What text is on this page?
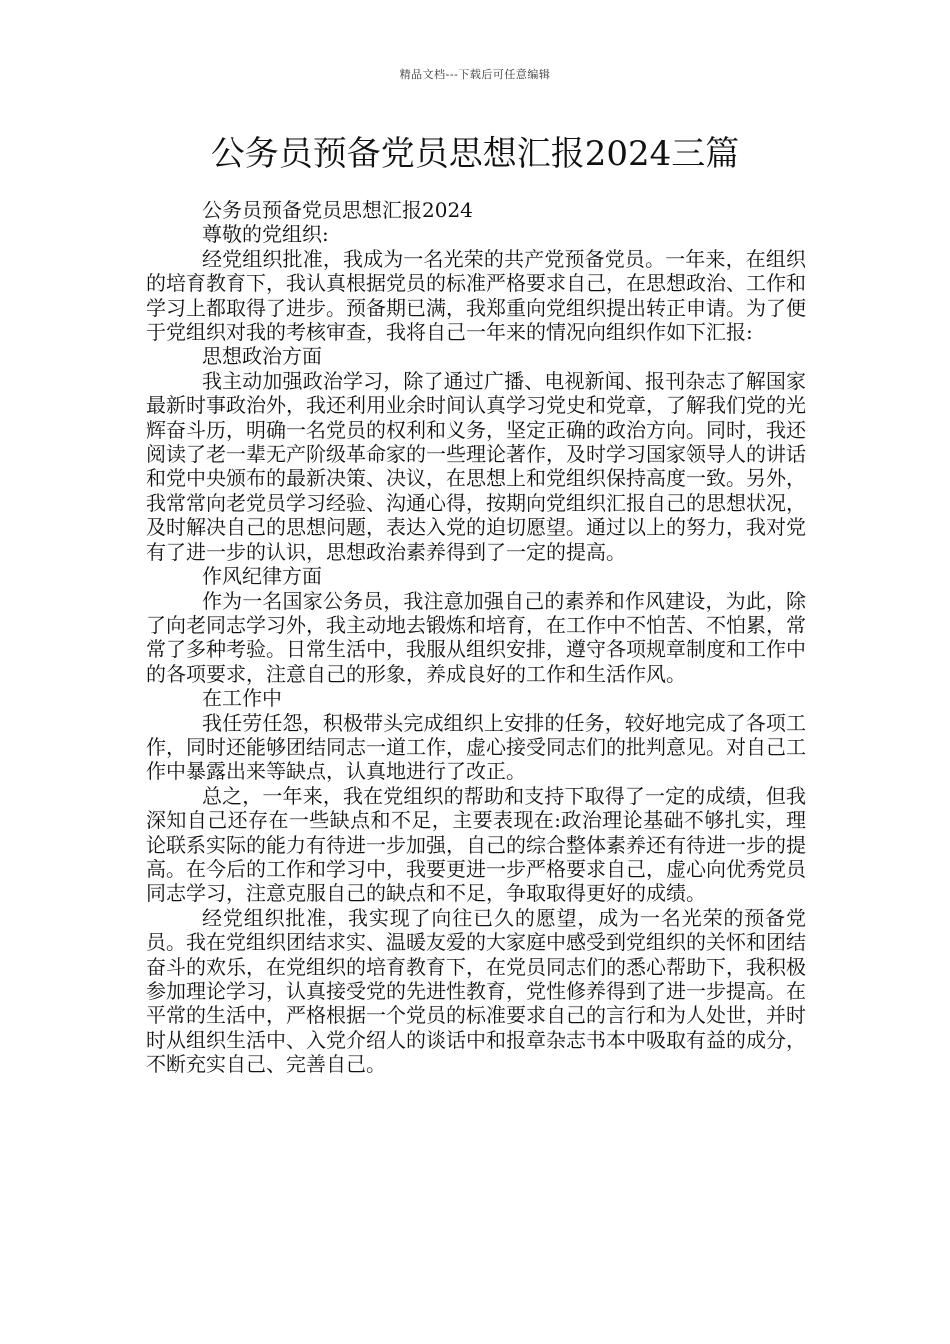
精品文档---下载后可任意编辑
公务员预备党员思想汇报2024三篇

公务员预备党员思想汇报2024

尊敬的党组织:

经党组织批准，我成为一名光荣的共产党预备党员。一年来，在组织的培育教育下，我认真根据党员的标准严格要求自己，在思想政治、工作和学习上都取得了进步。预备期已满，我郑重向党组织提出转正申请。为了便于党组织对我的考核审查，我将自己一年来的情况向组织作如下汇报:

思想政治方面

我主动加强政治学习，除了通过广播、电视新闻、报刊杂志了解国家最新时事政治外，我还利用业余时间认真学习党史和党章，了解我们党的光辉奋斗历，明确一名党员的权利和义务，坚定正确的政治方向。同时，我还阅读了老一辈无产阶级革命家的一些理论著作，及时学习国家领导人的讲话和党中央颁布的最新决策、决议，在思想上和党组织保持高度一致。另外，我常常向老党员学习经验、沟通心得，按期向党组织汇报自己的思想状况，及时解决自己的思想问题，表达入党的迫切愿望。通过以上的努力，我对党有了进一步的认识，思想政治素养得到了一定的提高。

作风纪律方面

作为一名国家公务员，我注意加强自己的素养和作风建设，为此，除了向老同志学习外，我主动地去锻炼和培育，在工作中不怕苦、不怕累，常常了多种考验。日常生活中，我服从组织安排，遵守各项规章制度和工作中的各项要求，注意自己的形象，养成良好的工作和生活作风。

在工作中

我任劳任怨，积极带头完成组织上安排的任务，较好地完成了各项工作，同时还能够团结同志一道工作，虚心接受同志们的批判意见。对自己工作中暴露出来等缺点，认真地进行了改正。

总之，一年来，我在党组织的帮助和支持下取得了一定的成绩，但我深知自己还存在一些缺点和不足，主要表现在:政治理论基础不够扎实，理论联系实际的能力有待进一步加强，自己的综合整体素养还有待进一步的提高。在今后的工作和学习中，我要更进一步严格要求自己，虚心向优秀党员同志学习，注意克服自己的缺点和不足，争取取得更好的成绩。

经党组织批准，我实现了向往已久的愿望，成为一名光荣的预备党员。我在党组织团结求实、温暖友爱的大家庭中感受到党组织的关怀和团结奋斗的欢乐，在党组织的培育教育下，在党员同志们的悉心帮助下，我积极参加理论学习，认真接受党的先进性教育，党性修养得到了进一步提高。在平常的生活中，严格根据一个党员的标准要求自己的言行和为人处世，并时时从组织生活中、入党介绍人的谈话中和报章杂志书本中吸取有益的成分，不断充实自己、完善自己。
